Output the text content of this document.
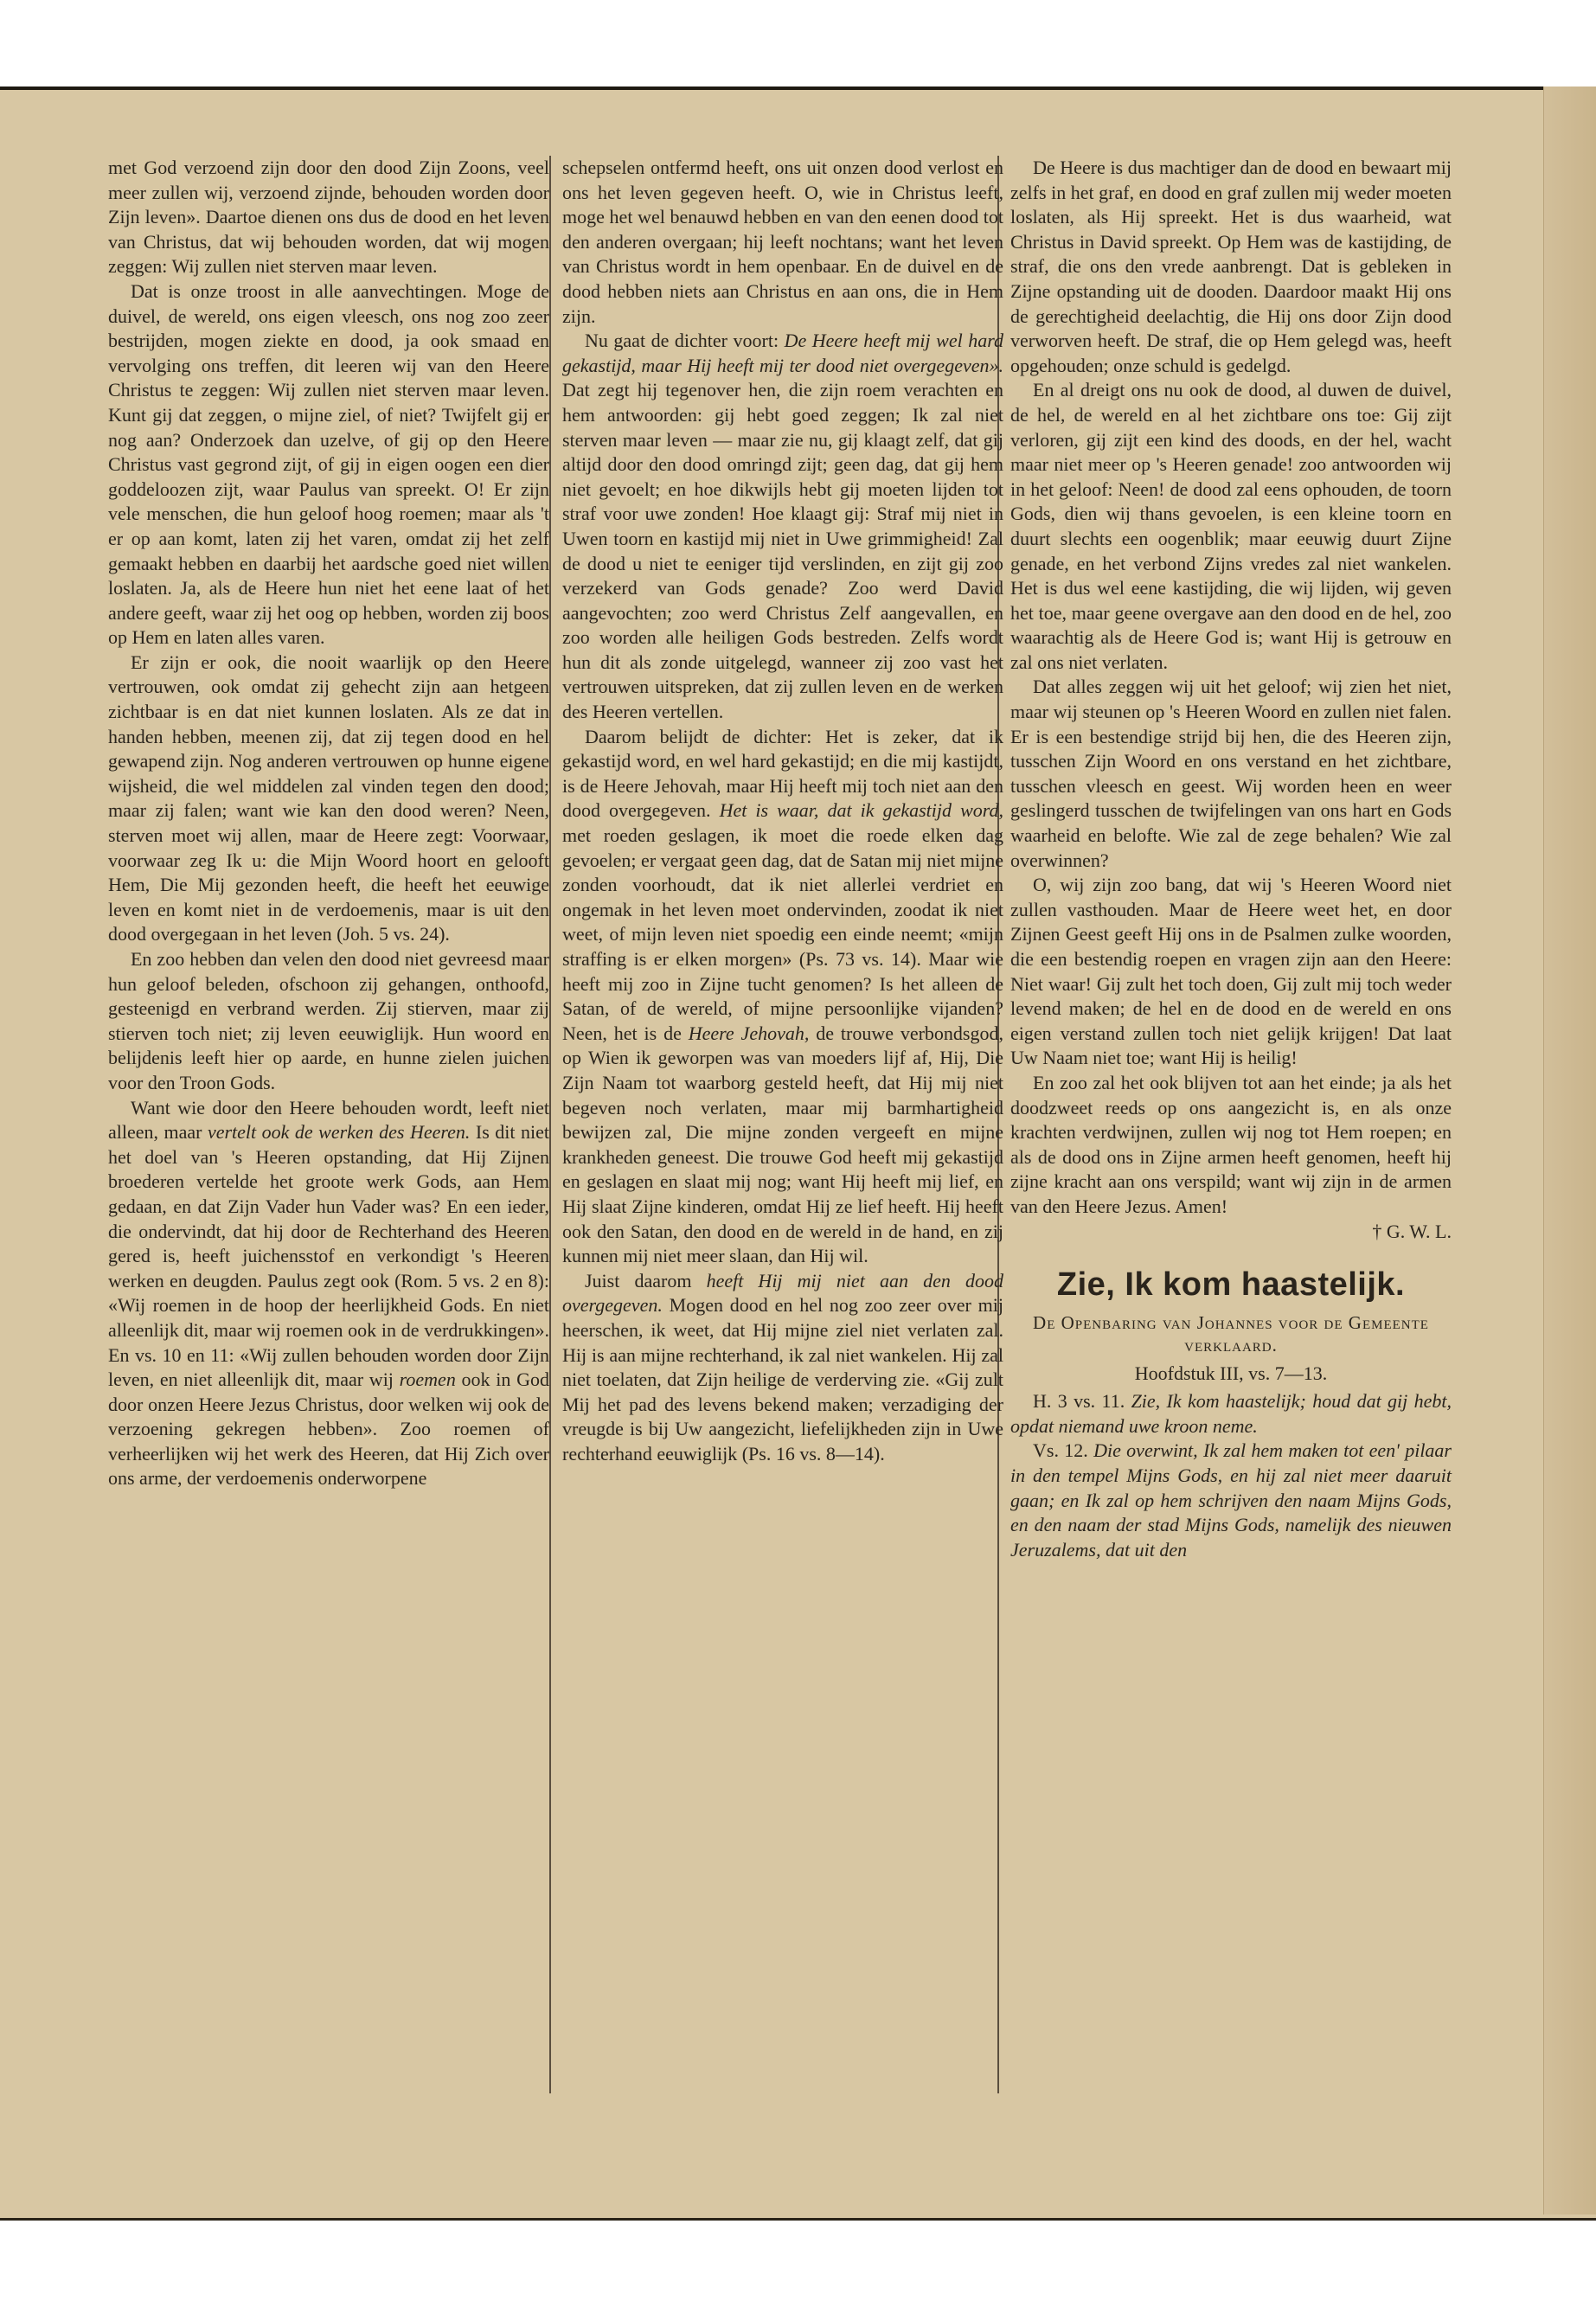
met God verzoend zijn door den dood Zijn Zoons, veel meer zullen wij, verzoend zijnde, behouden worden door Zijn leven». Daartoe dienen ons dus de dood en het leven van Christus, dat wij behouden worden, dat wij mogen zeggen: Wij zullen niet sterven maar leven.

Dat is onze troost in alle aanvechtingen. Moge de duivel, de wereld, ons eigen vleesch, ons nog zoo zeer bestrijden, mogen ziekte en dood, ja ook smaad en vervolging ons treffen, dit leeren wij van den Heere Christus te zeggen: Wij zullen niet sterven maar leven. Kunt gij dat zeggen, o mijne ziel, of niet? Twijfelt gij er nog aan? Onderzoek dan uzelve, of gij op den Heere Christus vast gegrond zijt, of gij in eigen oogen een dier goddeloozen zijt, waar Paulus van spreekt. O! Er zijn vele menschen, die hun geloof hoog roemen; maar als 't er op aan komt, laten zij het varen, omdat zij het zelf gemaakt hebben en daarbij het aardsche goed niet willen loslaten. Ja, als de Heere hun niet het eene laat of het andere geeft, waar zij het oog op hebben, worden zij boos op Hem en laten alles varen.

Er zijn er ook, die nooit waarlijk op den Heere vertrouwen, ook omdat zij gehecht zijn aan hetgeen zichtbaar is en dat niet kunnen loslaten. Als ze dat in handen hebben, meenen zij, dat zij tegen dood en hel gewapend zijn. Nog anderen vertrouwen op hunne eigene wijsheid, die wel middelen zal vinden tegen den dood; maar zij falen; want wie kan den dood weren? Neen, sterven moet wij allen, maar de Heere zegt: Voorwaar, voorwaar zeg Ik u: die Mijn Woord hoort en gelooft Hem, Die Mij gezonden heeft, die heeft het eeuwige leven en komt niet in de verdoemenis, maar is uit den dood overgegaan in het leven (Joh. 5 vs. 24).

En zoo hebben dan velen den dood niet gevreesd maar hun geloof beleden, ofschoon zij gehangen, onthoofd, gesteenigd en verbrand werden. Zij stierven, maar zij stierven toch niet; zij leven eeuwiglijk. Hun woord en belijdenis leeft hier op aarde, en hunne zielen juichen voor den Troon Gods.

Want wie door den Heere behouden wordt, leeft niet alleen, maar vertelt ook de werken des Heeren. Is dit niet het doel van 's Heeren opstanding, dat Hij Zijnen broederen vertelde het groote werk Gods, aan Hem gedaan, en dat Zijn Vader hun Vader was? En een ieder, die ondervindt, dat hij door de Rechterhand des Heeren gered is, heeft juichensstof en verkondigt 's Heeren werken en deugden. Paulus zegt ook (Rom. 5 vs. 2 en 8): «Wij roemen in de hoop der heerlijkheid Gods. En niet alleenlijk dit, maar wij roemen ook in de verdrukkingen». En vs. 10 en 11: «Wij zullen behouden worden door Zijn leven, en niet alleenlijk dit, maar wij roemen ook in God door onzen Heere Jezus Christus, door welken wij ook de verzoening gekregen hebben». Zoo roemen of verheerlijken wij het werk des Heeren, dat Hij Zich over ons arme, der verdoemenis onderworpene

schepselen ontfermd heeft, ons uit onzen dood verlost en ons het leven gegeven heeft. O, wie in Christus leeft, moge het wel benauwd hebben en van den eenen dood tot den anderen overgaan; hij leeft nochtans; want het leven van Christus wordt in hem openbaar. En de duivel en de dood hebben niets aan Christus en aan ons, die in Hem zijn.

Nu gaat de dichter voort: De Heere heeft mij wel hard gekastijd, maar Hij heeft mij ter dood niet overgegeven». Dat zegt hij tegenover hen, die zijn roem verachten en hem antwoorden: gij hebt goed zeggen; Ik zal niet sterven maar leven — maar zie nu, gij klaagt zelf, dat gij altijd door den dood omringd zijt; geen dag, dat gij hem niet gevoelt; en hoe dikwijls hebt gij moeten lijden tot straf voor uwe zonden! Hoe klaagt gij: Straf mij niet in Uwen toorn en kastijd mij niet in Uwe grimmigheid! Zal de dood u niet te eeniger tijd verslinden, en zijt gij zoo verzekerd van Gods genade? Zoo werd David aangevochten; zoo werd Christus Zelf aangevallen, en zoo worden alle heiligen Gods bestreden. Zelfs wordt hun dit als zonde uitgelegd, wanneer zij zoo vast het vertrouwen uitspreken, dat zij zullen leven en de werken des Heeren vertellen.

Daarom belijdt de dichter: Het is zeker, dat ik gekastijd word, en wel hard gekastijd; en die mij kastijdt, is de Heere Jehovah, maar Hij heeft mij toch niet aan den dood overgegeven. Het is waar, dat ik gekastijd word, met roeden geslagen, ik moet die roede elken dag gevoelen; er vergaat geen dag, dat de Satan mij niet mijne zonden voorhoudt, dat ik niet allerlei verdriet en ongemak in het leven moet ondervinden, zoodat ik niet weet, of mijn leven niet spoedig een einde neemt; «mijn straffing is er elken morgen» (Ps. 73 vs. 14). Maar wie heeft mij zoo in Zijne tucht genomen? Is het alleen de Satan, of de wereld, of mijne persoonlijke vijanden? Neen, het is de Heere Jehovah, de trouwe verbondsgod, op Wien ik geworpen was van moeders lijf af, Hij, Die Zijn Naam tot waarborg gesteld heeft, dat Hij mij niet begeven noch verlaten, maar mij barmhartigheid bewijzen zal, Die mijne zonden vergeeft en mijne krankheden geneest. Die trouwe God heeft mij gekastijd en geslagen en slaat mij nog; want Hij heeft mij lief, en Hij slaat Zijne kinderen, omdat Hij ze lief heeft. Hij heeft ook den Satan, den dood en de wereld in de hand, en zij kunnen mij niet meer slaan, dan Hij wil.

Juist daarom heeft Hij mij niet aan den dood overgegeven. Mogen dood en hel nog zoo zeer over mij heerschen, ik weet, dat Hij mijne ziel niet verlaten zal. Hij is aan mijne rechterhand, ik zal niet wankelen. Hij zal niet toelaten, dat Zijn heilige de verderving zie. «Gij zult Mij het pad des levens bekend maken; verzadiging der vreugde is bij Uw aangezicht, liefelijkheden zijn in Uwe rechterhand eeuwiglijk (Ps. 16 vs. 8—14).

De Heere is dus machtiger dan de dood en bewaart mij zelfs in het graf, en dood en graf zullen mij weder moeten loslaten, als Hij spreekt. Het is dus waarheid, wat Christus in David spreekt. Op Hem was de kastijding, de straf, die ons den vrede aanbrengt. Dat is gebleken in Zijne opstanding uit de dooden. Daardoor maakt Hij ons de gerechtigheid deelachtig, die Hij ons door Zijn dood verworven heeft. De straf, die op Hem gelegd was, heeft opgehouden; onze schuld is gedelgd.

En al dreigt ons nu ook de dood, al duwen de duivel, de hel, de wereld en al het zichtbare ons toe: Gij zijt verloren, gij zijt een kind des doods, en der hel, wacht maar niet meer op 's Heeren genade! zoo antwoorden wij in het geloof: Neen! de dood zal eens ophouden, de toorn Gods, dien wij thans gevoelen, is een kleine toorn en duurt slechts een oogenblik; maar eeuwig duurt Zijne genade, en het verbond Zijns vredes zal niet wankelen. Het is dus wel eene kastijding, die wij lijden, wij geven het toe, maar geene overgave aan den dood en de hel, zoo waarachtig als de Heere God is; want Hij is getrouw en zal ons niet verlaten.

Dat alles zeggen wij uit het geloof; wij zien het niet, maar wij steunen op 's Heeren Woord en zullen niet falen. Er is een bestendige strijd bij hen, die des Heeren zijn, tusschen Zijn Woord en ons verstand en het zichtbare, tusschen vleesch en geest. Wij worden heen en weer geslingerd tusschen de twijfelingen van ons hart en Gods waarheid en belofte. Wie zal de zege behalen? Wie zal overwinnen?

O, wij zijn zoo bang, dat wij 's Heeren Woord niet zullen vasthouden. Maar de Heere weet het, en door Zijnen Geest geeft Hij ons in de Psalmen zulke woorden, die een bestendig roepen en vragen zijn aan den Heere: Niet waar! Gij zult het toch doen, Gij zult mij toch weder levend maken; de hel en de dood en de wereld en ons eigen verstand zullen toch niet gelijk krijgen! Dat laat Uw Naam niet toe; want Hij is heilig!

En zoo zal het ook blijven tot aan het einde; ja als het doodzweet reeds op ons aangezicht is, en als onze krachten verdwijnen, zullen wij nog tot Hem roepen; en als de dood ons in Zijne armen heeft genomen, heeft hij zijne kracht aan ons verspild; want wij zijn in de armen van den Heere Jezus. Amen!

† G. W. L.

Zie, Ik kom haastelijk.
De Openbaring van Johannes voor de Gemeente verklaard.
Hoofdstuk III, vs. 7—13.

H. 3 vs. 11. Zie, Ik kom haastelijk; houd dat gij hebt, opdat niemand uwe kroon neme.

Vs. 12. Die overwint, Ik zal hem maken tot een' pilaar in den tempel Mijns Gods, en hij zal niet meer daaruit gaan; en Ik zal op hem schrijven den naam Mijns Gods, en den naam der stad Mijns Gods, namelijk des nieuwen Jeruzalems, dat uit den
